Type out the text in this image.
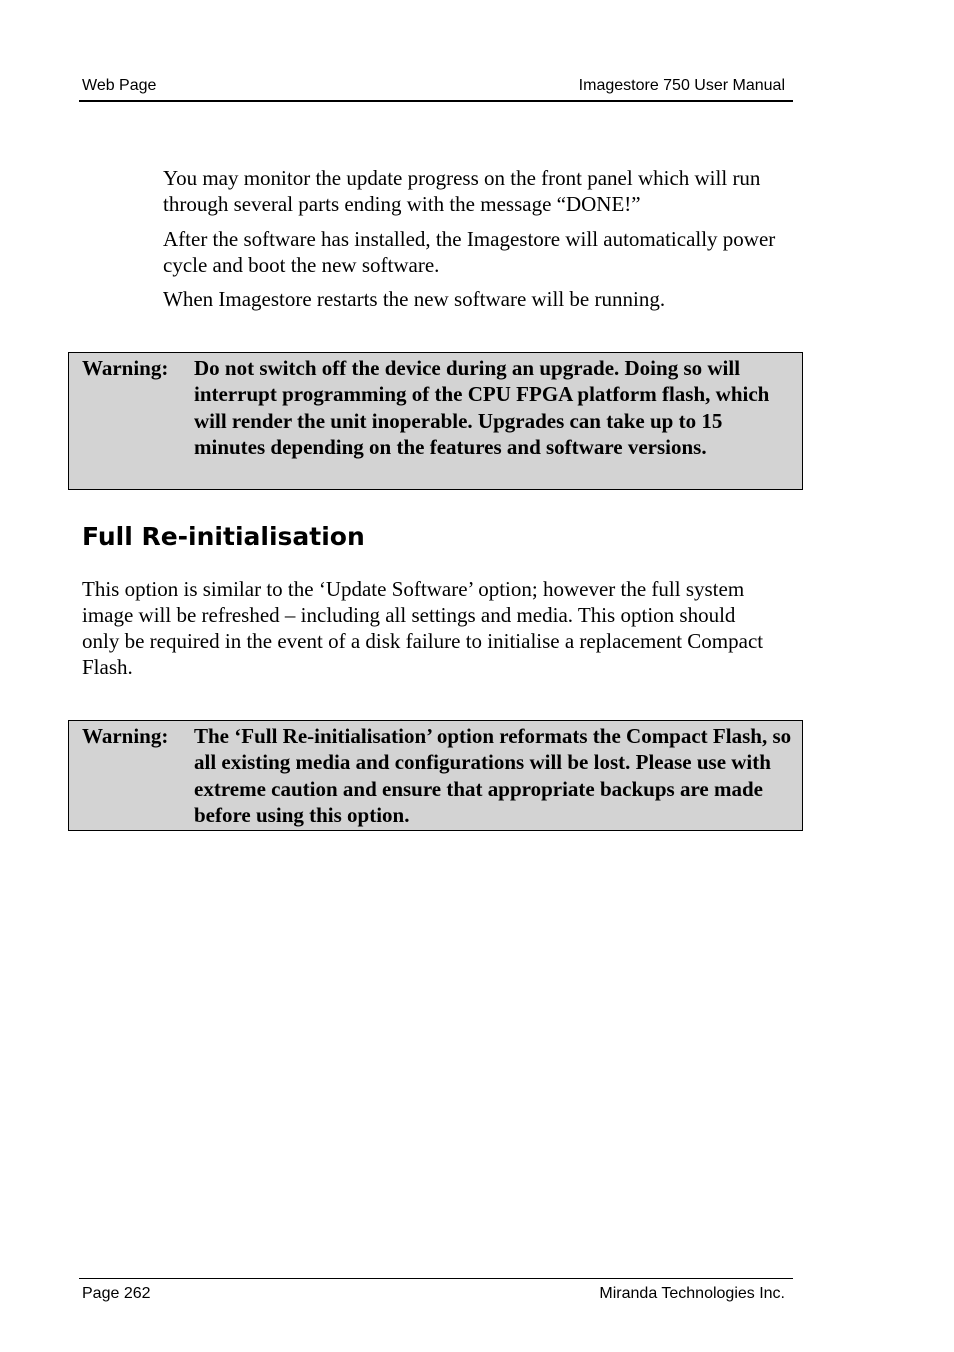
Web Page	Imagestore 750 User Manual

You may monitor the update progress on the front panel which will run through several parts ending with the message “DONE!”

After the software has installed, the Imagestore will automatically power cycle and boot the new software.

When Imagestore restarts the new software will be running.

Warning: Do not switch off the device during an upgrade. Doing so will interrupt programming of the CPU FPGA platform flash, which will render the unit inoperable. Upgrades can take up to 15 minutes depending on the features and software versions.
Full Re-initialisation

This option is similar to the ‘Update Software’ option; however the full system image will be refreshed – including all settings and media. This option should only be required in the event of a disk failure to initialise a replacement Compact Flash.

Warning: The ‘Full Re-initialisation’ option reformats the Compact Flash, so all existing media and configurations will be lost. Please use with extreme caution and ensure that appropriate backups are made before using this option.
Page 262	Miranda Technologies Inc.
